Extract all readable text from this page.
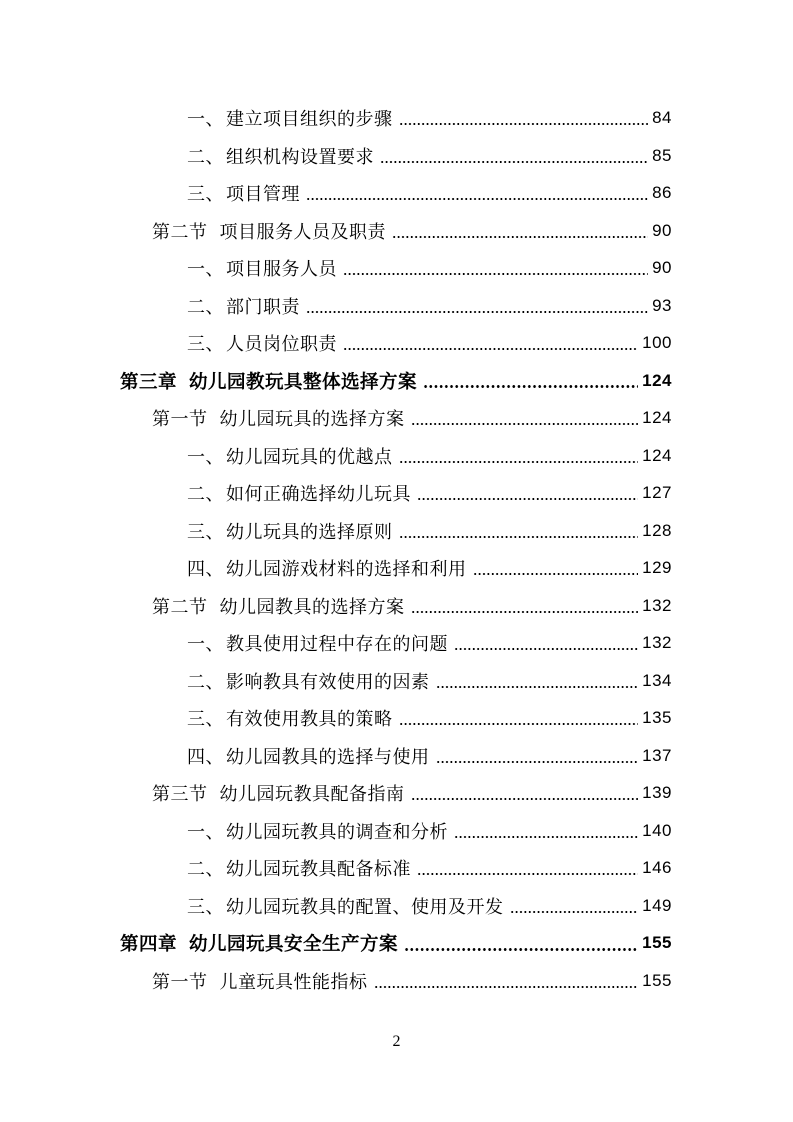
一、 建立项目组织的步骤	84
二、 组织机构设置要求	85
三、 项目管理	86
第二节 项目服务人员及职责	90
一、 项目服务人员	90
二、 部门职责	93
三、 人员岗位职责	100
第三章 幼儿园教玩具整体选择方案	124
第一节 幼儿园玩具的选择方案	124
一、 幼儿园玩具的优越点	124
二、 如何正确选择幼儿玩具	127
三、 幼儿玩具的选择原则	128
四、 幼儿园游戏材料的选择和利用	129
第二节 幼儿园教具的选择方案	132
一、 教具使用过程中存在的问题	132
二、 影响教具有效使用的因素	134
三、 有效使用教具的策略	135
四、 幼儿园教具的选择与使用	137
第三节 幼儿园玩教具配备指南	139
一、 幼儿园玩教具的调查和分析	140
二、 幼儿园玩教具配备标准	146
三、 幼儿园玩教具的配置、使用及开发	149
第四章 幼儿园玩具安全生产方案	155
第一节 儿童玩具性能指标	155
2
